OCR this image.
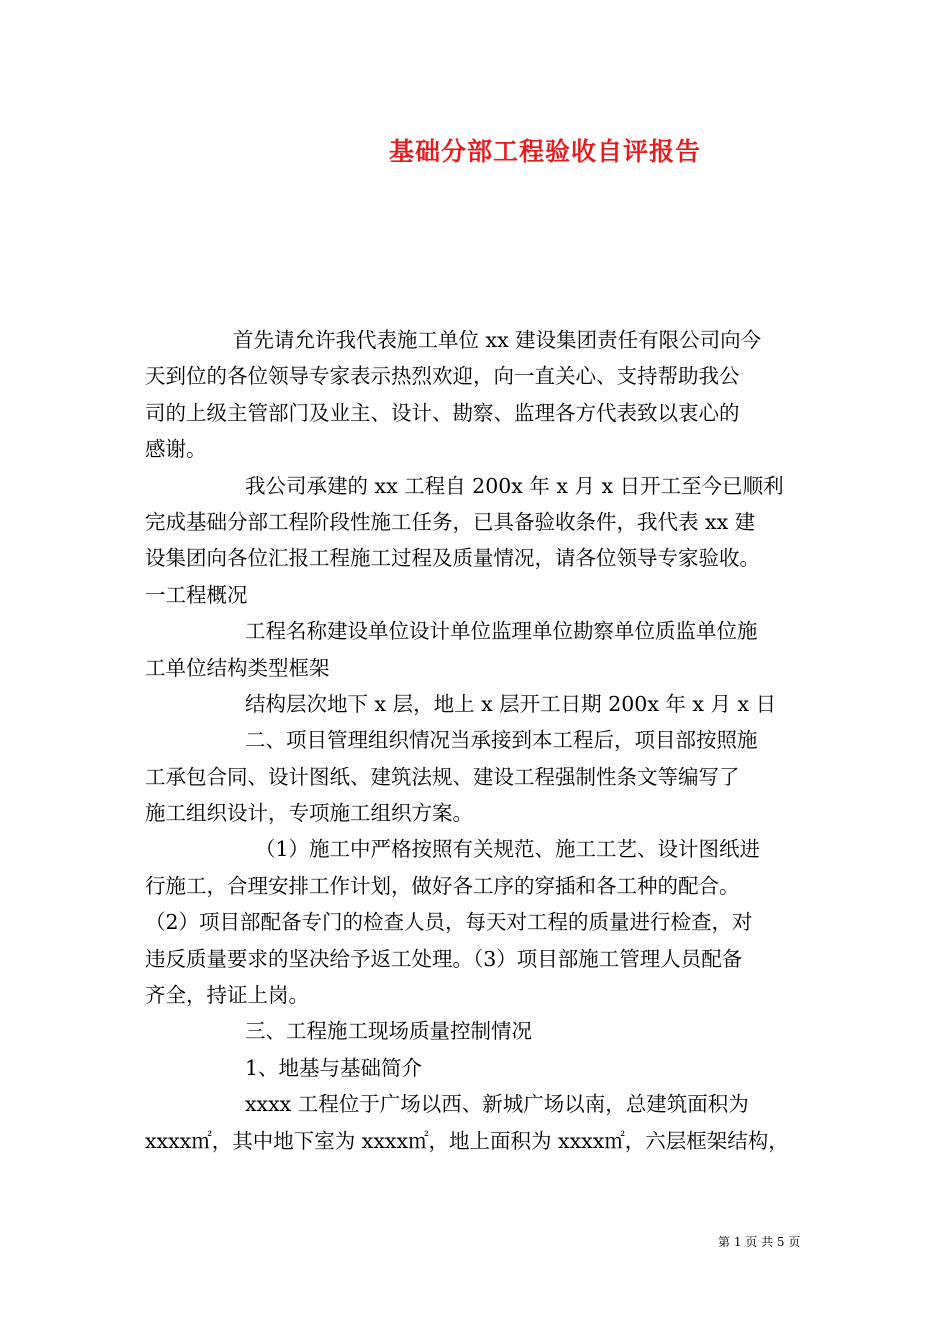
基础分部工程验收自评报告
首先请允许我代表施工单位 xx 建设集团责任有限公司向今
天到位的各位领导专家表示热烈欢迎，向一直关心、支持帮助我公
司的上级主管部门及业主、设计、勘察、监理各方代表致以衷心的
感谢。
我公司承建的 xx 工程自 200x 年 x 月 x 日开工至今已顺利
完成基础分部工程阶段性施工任务，已具备验收条件，我代表 xx 建
设集团向各位汇报工程施工过程及质量情况，请各位领导专家验收。
一工程概况
工程名称建设单位设计单位监理单位勘察单位质监单位施
工单位结构类型框架
结构层次地下 x 层，地上 x 层开工日期 200x 年 x 月 x 日
二、项目管理组织情况当承接到本工程后，项目部按照施
工承包合同、设计图纸、建筑法规、建设工程强制性条文等编写了
施工组织设计，专项施工组织方案。
（1）施工中严格按照有关规范、施工工艺、设计图纸进
行施工，合理安排工作计划，做好各工序的穿插和各工种的配合。
（2）项目部配备专门的检查人员，每天对工程的质量进行检查，对
违反质量要求的坚决给予返工处理。（3）项目部施工管理人员配备
齐全，持证上岗。
三、工程施工现场质量控制情况
1、地基与基础简介
xxxx 工程位于广场以西、新城广场以南，总建筑面积为
xxxx㎡，其中地下室为 xxxx㎡，地上面积为 xxxx㎡，六层框架结构，
第 1 页 共 5 页
